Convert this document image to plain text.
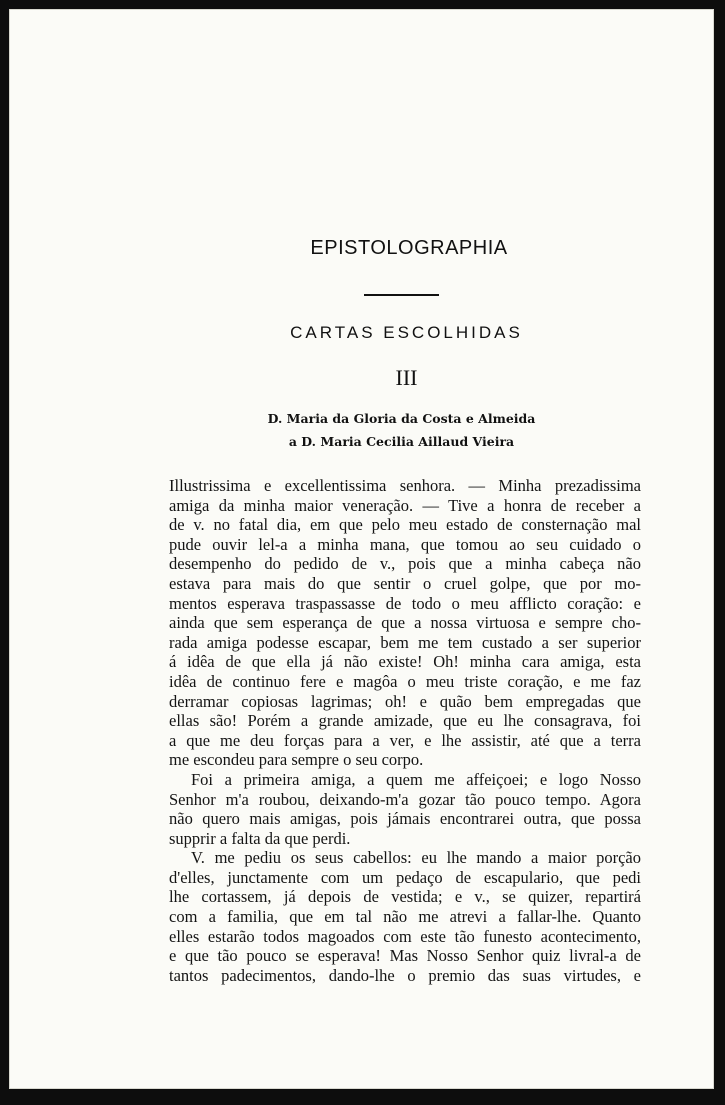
EPISTOLOGRAPHIA
CARTAS ESCOLHIDAS
III
D. Maria da Gloria da Costa e Almeida
a D. Maria Cecilia Aillaud Vieira
Illustrissima e excellentissima senhora. — Minha prezadissima
amiga da minha maior veneração. — Tive a honra de receber a
de v. no fatal dia, em que pelo meu estado de consternação mal
pude ouvir lel-a a minha mana, que tomou ao seu cuidado o
desempenho do pedido de v., pois que a minha cabeça não
estava para mais do que sentir o cruel golpe, que por mo-
mentos esperava traspassasse de todo o meu afflicto coração: e
ainda que sem esperança de que a nossa virtuosa e sempre cho-
rada amiga podesse escapar, bem me tem custado a ser superior
á idêa de que ella já não existe! Oh! minha cara amiga, esta
idêa de continuo fere e magôa o meu triste coração, e me faz
derramar copiosas lagrimas; oh! e quão bem empregadas que
ellas são! Porém a grande amizade, que eu lhe consagrava, foi
a que me deu forças para a ver, e lhe assistir, até que a terra
me escondeu para sempre o seu corpo.
Foi a primeira amiga, a quem me affeiçoei; e logo Nosso
Senhor m'a roubou, deixando-m'a gozar tão pouco tempo. Agora
não quero mais amigas, pois jámais encontrarei outra, que possa
supprir a falta da que perdi.
V. me pediu os seus cabellos: eu lhe mando a maior porção
d'elles, junctamente com um pedaço de escapulario, que pedi
lhe cortassem, já depois de vestida; e v., se quizer, repartirá
com a familia, que em tal não me atrevi a fallar-lhe. Quanto
elles estarão todos magoados com este tão funesto acontecimento,
e que tão pouco se esperava! Mas Nosso Senhor quiz livral-a de
tantos padecimentos, dando-lhe o premio das suas virtudes, e
